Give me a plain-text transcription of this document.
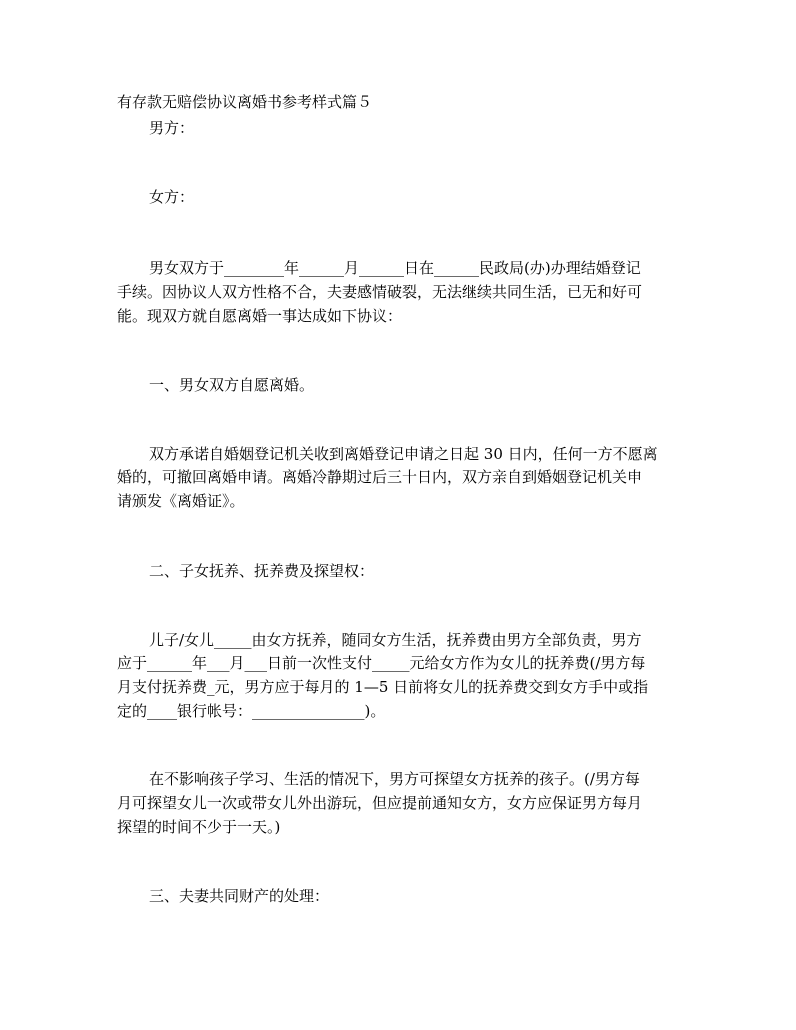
有存款无赔偿协议离婚书参考样式篇５

男方：

女方：

男女双方于________年______月______日在______民政局(办)办理结婚登记

手续。因协议人双方性格不合，夫妻感情破裂，无法继续共同生活，已无和好可

能。现双方就自愿离婚一事达成如下协议：

一、男女双方自愿离婚。

双方承诺自婚姻登记机关收到离婚登记申请之日起 30 日内，任何一方不愿离

婚的，可撤回离婚申请。离婚冷静期过后三十日内，双方亲自到婚姻登记机关申

请颁发《离婚证》。

二、子女抚养、抚养费及探望权：

儿子/女儿_____由女方抚养，随同女方生活，抚养费由男方全部负责，男方

应于______年___月___日前一次性支付_____元给女方作为女儿的抚养费(/男方每

月支付抚养费_元，男方应于每月的 1—5 日前将女儿的抚养费交到女方手中或指

定的____银行帐号：_______________)。

在不影响孩子学习、生活的情况下，男方可探望女方抚养的孩子。(/男方每

月可探望女儿一次或带女儿外出游玩，但应提前通知女方，女方应保证男方每月

探望的时间不少于一天。)

三、夫妻共同财产的处理：
